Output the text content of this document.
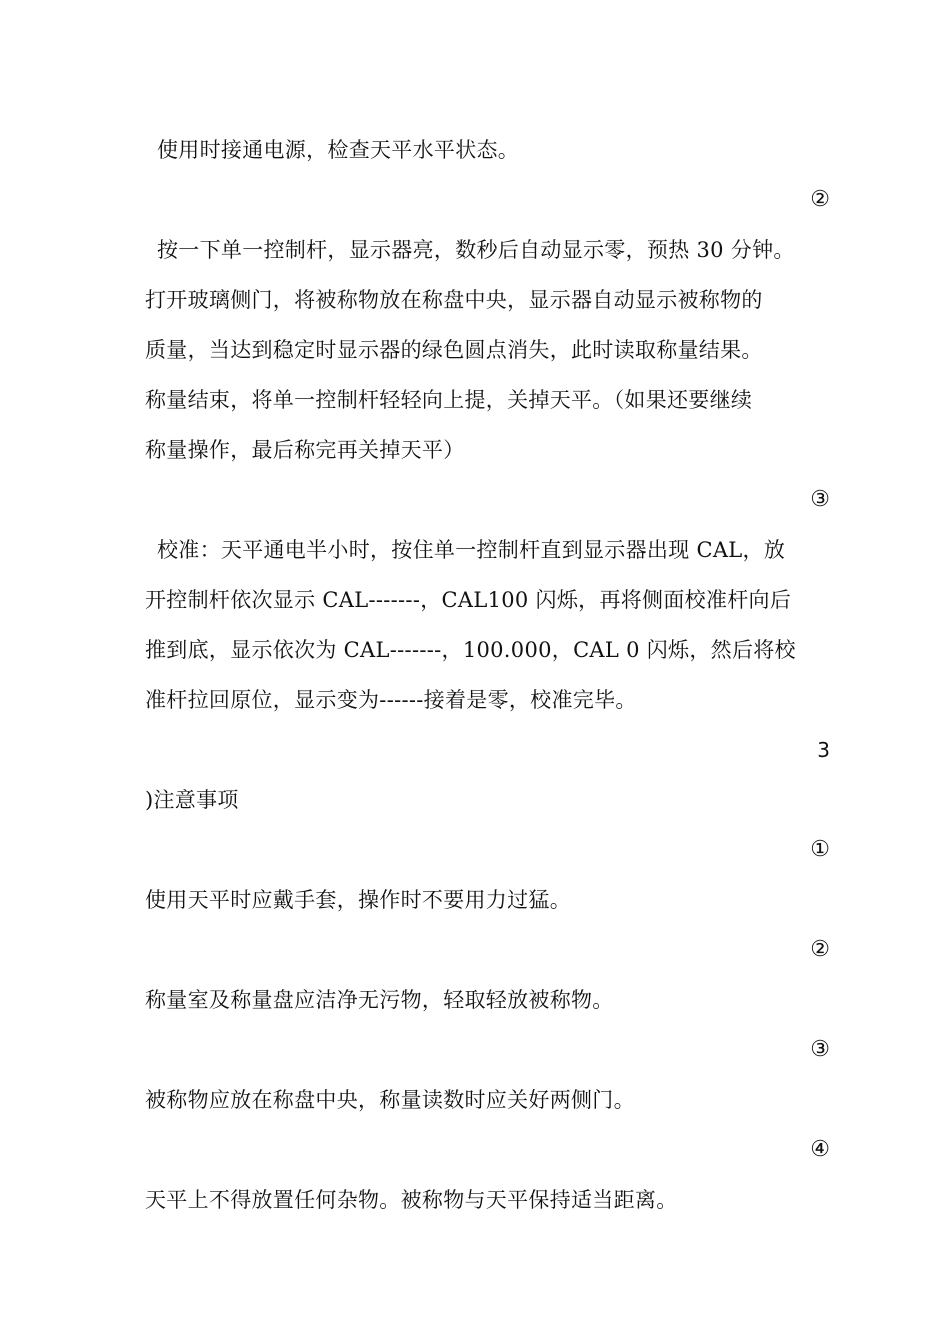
使用时接通电源，检查天平水平状态。
②
按一下单一控制杆，显示器亮，数秒后自动显示零，预热 30 分钟。
打开玻璃侧门，将被称物放在称盘中央，显示器自动显示被称物的
质量，当达到稳定时显示器的绿色圆点消失，此时读取称量结果。
称量结束，将单一控制杆轻轻向上提，关掉天平。（如果还要继续
称量操作，最后称完再关掉天平）
③
校准：天平通电半小时，按住单一控制杆直到显示器出现 CAL，放
开控制杆依次显示 CAL-------，CAL100 闪烁，再将侧面校准杆向后
推到底，显示依次为 CAL-------，100.000，CAL 0 闪烁，然后将校
准杆拉回原位，显示变为------接着是零，校准完毕。
3
)注意事项
①
使用天平时应戴手套，操作时不要用力过猛。
②
称量室及称量盘应洁净无污物，轻取轻放被称物。
③
被称物应放在称盘中央，称量读数时应关好两侧门。
④
天平上不得放置任何杂物。被称物与天平保持适当距离。
